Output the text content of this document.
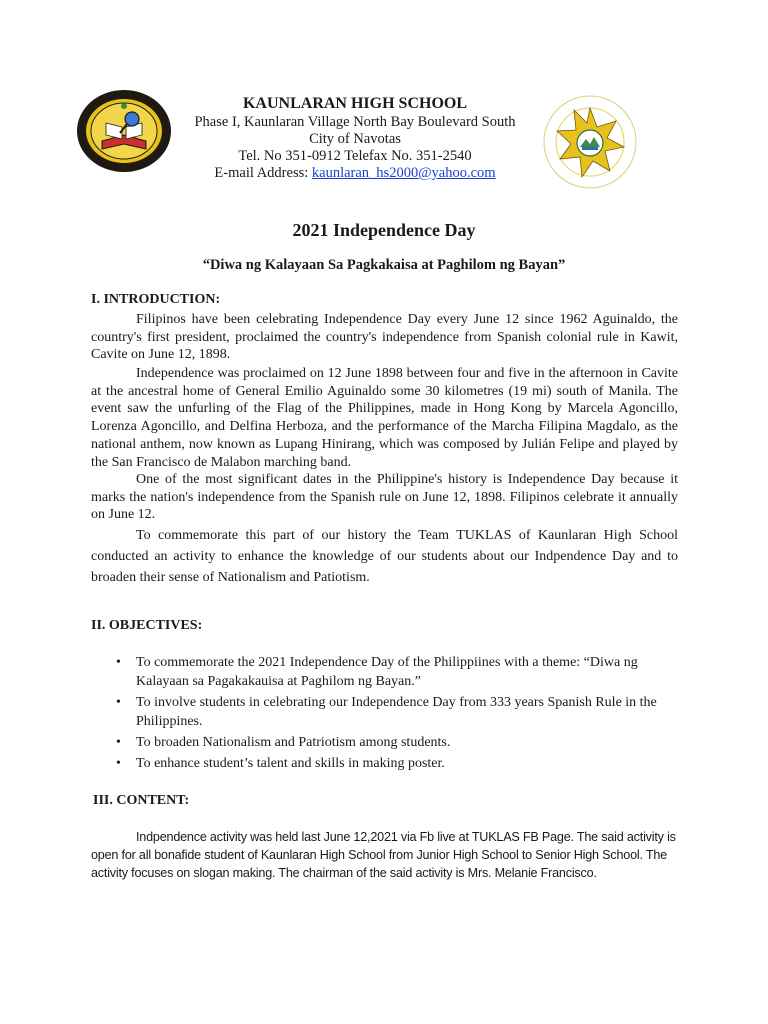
KAUNLARAN HIGH SCHOOL
Phase I, Kaunlaran Village North Bay Boulevard South
City of Navotas
Tel. No 351-0912 Telefax No. 351-2540
E-mail Address: kaunlaran_hs2000@yahoo.com
2021 Independence Day
“Diwa ng Kalayaan Sa Pagkakaisa at Paghilom ng Bayan”
I. INTRODUCTION:

Filipinos have been celebrating Independence Day every June 12 since 1962 Aguinaldo, the country's first president, proclaimed the country's independence from Spanish colonial rule in Kawit, Cavite on June 12, 1898.

Independence was proclaimed on 12 June 1898 between four and five in the afternoon in Cavite at the ancestral home of General Emilio Aguinaldo some 30 kilometres (19 mi) south of Manila. The event saw the unfurling of the Flag of the Philippines, made in Hong Kong by Marcela Agoncillo, Lorenza Agoncillo, and Delfina Herboza, and the performance of the Marcha Filipina Magdalo, as the national anthem, now known as Lupang Hinirang, which was composed by Julián Felipe and played by the San Francisco de Malabon marching band.

One of the most significant dates in the Philippine's history is Independence Day because it marks the nation's independence from the Spanish rule on June 12, 1898. Filipinos celebrate it annually on June 12.

To commemorate this part of our history the Team TUKLAS of Kaunlaran High School conducted an activity to enhance the knowledge of our students about our Indpendence Day and to broaden their sense of Nationalism and Patiotism.

II. OBJECTIVES:
• To commemorate the 2021 Independence Day of the Philippiines with a theme: “Diwa ng Kalayaan sa Pagakakauisa at Paghilom ng Bayan.”
• To involve students in celebrating our Independence Day from 333 years Spanish Rule in the Philippines.
• To broaden Nationalism and Patriotism among students.
• To enhance student’s talent and skills in making poster.
III. CONTENT:

Indpendence activity was held last June 12,2021 via Fb live at TUKLAS FB Page. The said activity is open for all bonafide student of Kaunlaran High School from Junior High School to Senior High School. The activity focuses on slogan making. The chairman of the said activity is Mrs. Melanie Francisco.
